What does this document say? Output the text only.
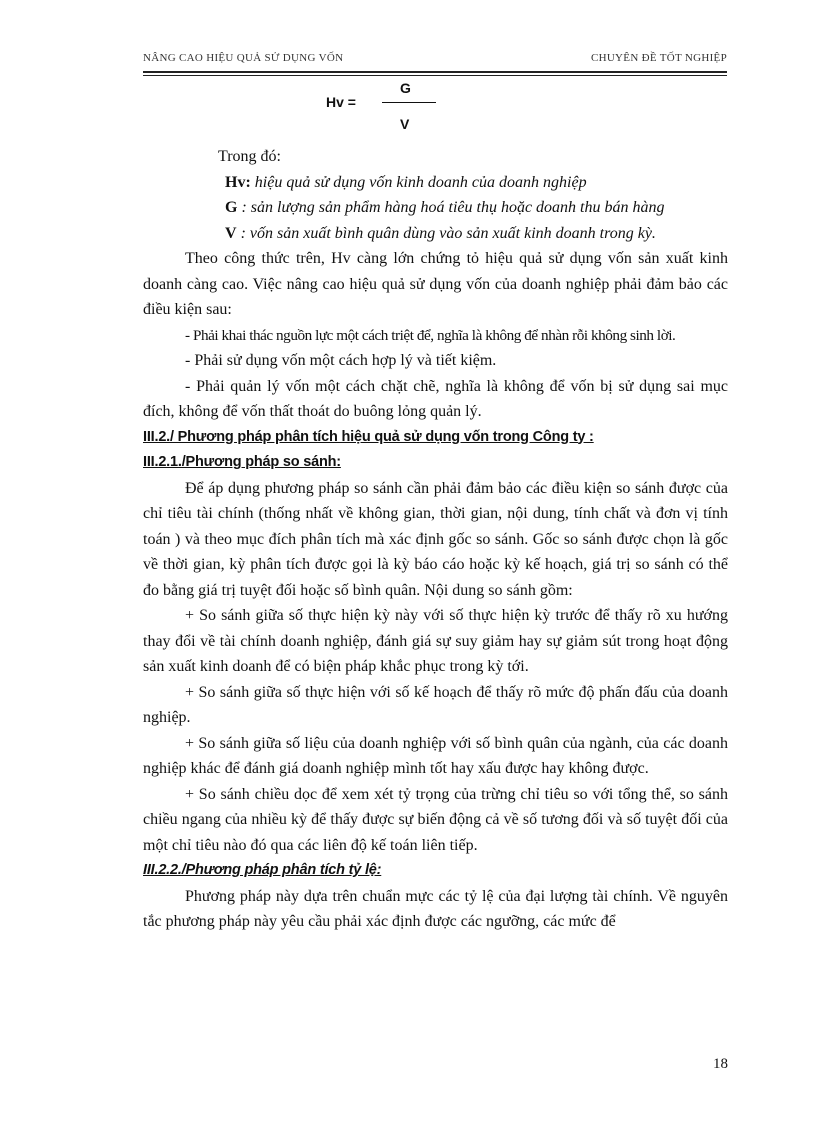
NÂNG CAO HIỆU QUẢ SỬ DỤNG VỐN	CHUYÊN ĐỀ TỐT NGHIỆP
Hv =
G
V

Trong đó:

Hv: hiệu quả sử dụng vốn kinh doanh của doanh nghiệp

G : sản lượng sản phẩm hàng hoá tiêu thụ hoặc doanh thu bán hàng

V : vốn sản xuất bình quân dùng vào sản xuất kinh doanh trong kỳ.

Theo công thức trên, Hv càng lớn chứng tỏ hiệu quả sử dụng vốn sản xuất kinh doanh càng cao. Việc nâng cao hiệu quả sử dụng vốn của doanh nghiệp phải đảm bảo các điều kiện sau:

- Phải khai thác nguồn lực một cách triệt để, nghĩa là không để nhàn rỗi không sinh lời.

- Phải sử dụng vốn một cách hợp lý và tiết kiệm.

- Phải quản lý vốn một cách chặt chẽ, nghĩa là không để vốn bị sử dụng sai mục đích, không để vốn thất thoát do buông lỏng quản lý.

III.2./ Phương pháp phân tích hiệu quả sử dụng vốn trong Công ty :

III.2.1./Phương pháp so sánh:

Để áp dụng phương pháp so sánh cần phải đảm bảo các điều kiện so sánh được của chỉ tiêu tài chính (thống nhất về không gian, thời gian, nội dung, tính chất và đơn vị tính toán ) và theo mục đích phân tích mà xác định gốc so sánh. Gốc so sánh được chọn là gốc về thời gian, kỳ phân tích được gọi là kỳ báo cáo hoặc kỳ kế hoạch, giá trị so sánh có thể đo bằng giá trị tuyệt đối hoặc số bình quân. Nội dung so sánh gồm:

+ So sánh giữa số thực hiện kỳ này với số thực hiện kỳ trước để thấy rõ xu hướng thay đổi về tài chính doanh nghiệp, đánh giá sự suy giảm hay sự giảm sút trong hoạt động sản xuất kinh doanh để có biện pháp khắc phục trong kỳ tới.

+ So sánh giữa số thực hiện với số kế hoạch để thấy rõ mức độ phấn đấu của doanh nghiệp.

+ So sánh giữa số liệu của doanh nghiệp với số bình quân của ngành, của các doanh nghiệp khác để đánh giá doanh nghiệp mình tốt hay xấu được hay không được.

+ So sánh chiều dọc để xem xét tỷ trọng của trừng chỉ tiêu so với tổng thể, so sánh chiều ngang của nhiều kỳ để thấy được sự biến động cả về số tương đối và số tuyệt đối của một chỉ tiêu nào đó qua các liên độ kế toán liên tiếp.

III.2.2./Phương pháp phân tích tỷ lệ:

Phương pháp này dựa trên chuẩn mực các tỷ lệ của đại lượng tài chính. Về nguyên tắc phương pháp này yêu cầu phải xác định được các ngưỡng, các mức để

18
